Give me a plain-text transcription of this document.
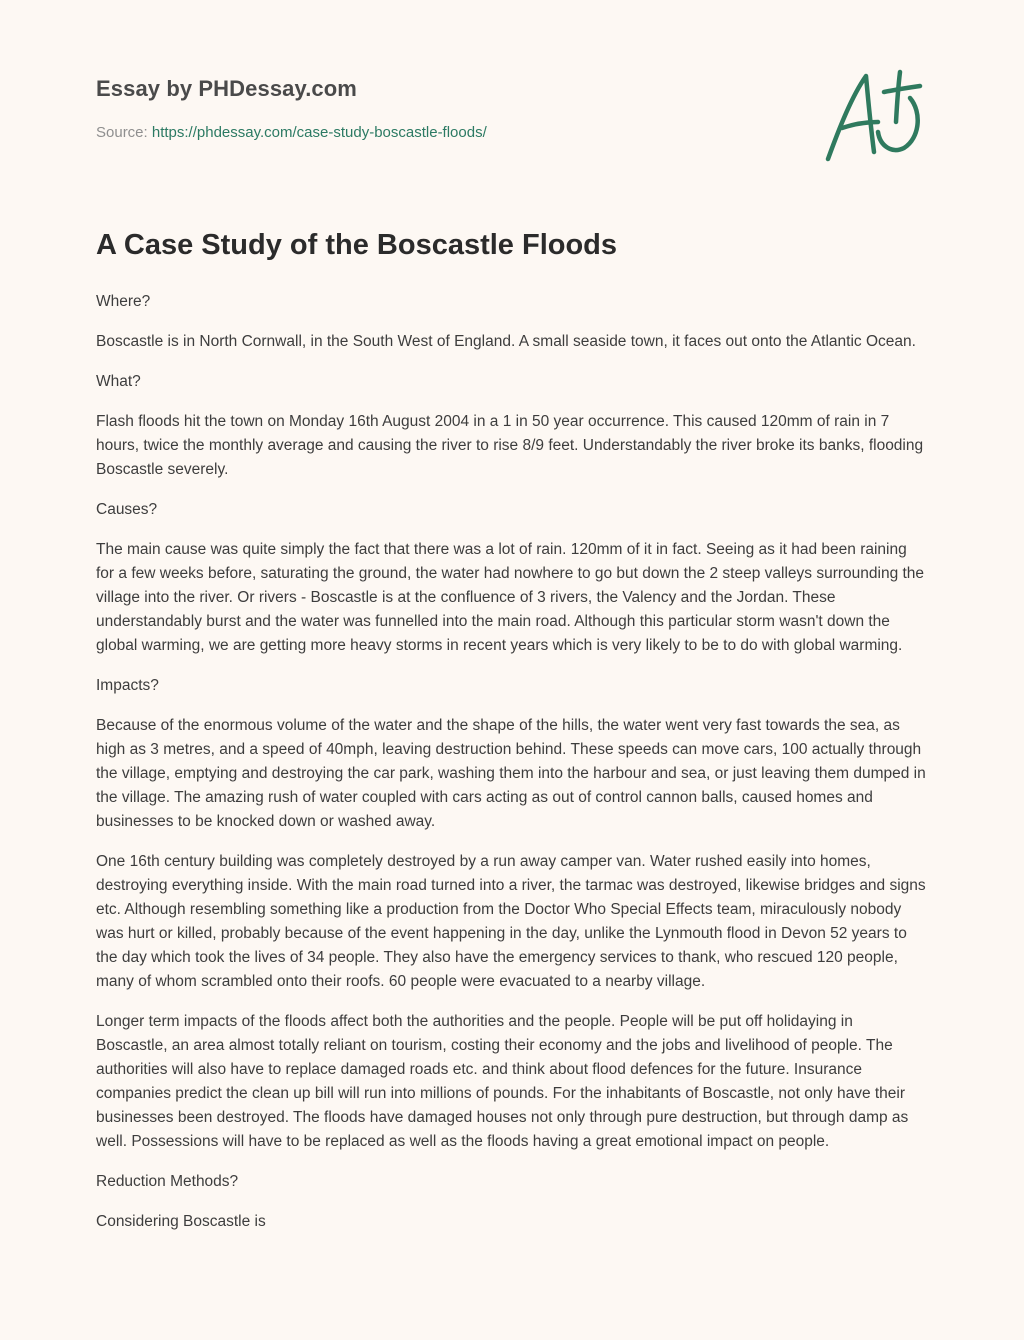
Essay by PHDessay.com
Source: https://phdessay.com/case-study-boscastle-floods/
A Case Study of the Boscastle Floods

Where?

Boscastle is in North Cornwall, in the South West of England. A small seaside town, it faces out onto the Atlantic Ocean.

What?

Flash floods hit the town on Monday 16th August 2004 in a 1 in 50 year occurrence. This caused 120mm of rain in 7 hours, twice the monthly average and causing the river to rise 8/9 feet. Understandably the river broke its banks, flooding Boscastle severely.

Causes?

The main cause was quite simply the fact that there was a lot of rain. 120mm of it in fact. Seeing as it had been raining for a few weeks before, saturating the ground, the water had nowhere to go but down the 2 steep valleys surrounding the village into the river. Or rivers - Boscastle is at the confluence of 3 rivers, the Valency and the Jordan. These understandably burst and the water was funnelled into the main road. Although this particular storm wasn't down the global warming, we are getting more heavy storms in recent years which is very likely to be to do with global warming.

Impacts?

Because of the enormous volume of the water and the shape of the hills, the water went very fast towards the sea, as high as 3 metres, and a speed of 40mph, leaving destruction behind. These speeds can move cars, 100 actually through the village, emptying and destroying the car park, washing them into the harbour and sea, or just leaving them dumped in the village. The amazing rush of water coupled with cars acting as out of control cannon balls, caused homes and businesses to be knocked down or washed away.

One 16th century building was completely destroyed by a run away camper van. Water rushed easily into homes, destroying everything inside. With the main road turned into a river, the tarmac was destroyed, likewise bridges and signs etc. Although resembling something like a production from the Doctor Who Special Effects team, miraculously nobody was hurt or killed, probably because of the event happening in the day, unlike the Lynmouth flood in Devon 52 years to the day which took the lives of 34 people. They also have the emergency services to thank, who rescued 120 people, many of whom scrambled onto their roofs. 60 people were evacuated to a nearby village.

Longer term impacts of the floods affect both the authorities and the people. People will be put off holidaying in Boscastle, an area almost totally reliant on tourism, costing their economy and the jobs and livelihood of people. The authorities will also have to replace damaged roads etc. and think about flood defences for the future. Insurance companies predict the clean up bill will run into millions of pounds. For the inhabitants of Boscastle, not only have their businesses been destroyed. The floods have damaged houses not only through pure destruction, but through damp as well. Possessions will have to be replaced as well as the floods having a great emotional impact on people.

Reduction Methods?

Considering Boscastle is
